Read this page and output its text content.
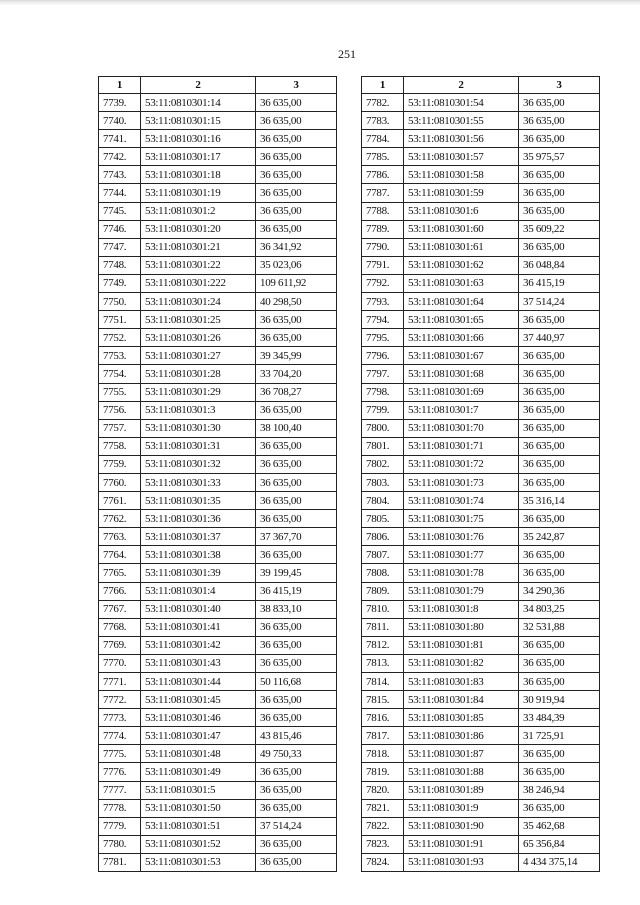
251
1	2	3
7739.	53:11:0810301:14	36 635,00
7740.	53:11:0810301:15	36 635,00
7741.	53:11:0810301:16	36 635,00
7742.	53:11:0810301:17	36 635,00
7743.	53:11:0810301:18	36 635,00
7744.	53:11:0810301:19	36 635,00
7745.	53:11:0810301:2	36 635,00
7746.	53:11:0810301:20	36 635,00
7747.	53:11:0810301:21	36 341,92
7748.	53:11:0810301:22	35 023,06
7749.	53:11:0810301:222	109 611,92
7750.	53:11:0810301:24	40 298,50
7751.	53:11:0810301:25	36 635,00
7752.	53:11:0810301:26	36 635,00
7753.	53:11:0810301:27	39 345,99
7754.	53:11:0810301:28	33 704,20
7755.	53:11:0810301:29	36 708,27
7756.	53:11:0810301:3	36 635,00
7757.	53:11:0810301:30	38 100,40
7758.	53:11:0810301:31	36 635,00
7759.	53:11:0810301:32	36 635,00
7760.	53:11:0810301:33	36 635,00
7761.	53:11:0810301:35	36 635,00
7762.	53:11:0810301:36	36 635,00
7763.	53:11:0810301:37	37 367,70
7764.	53:11:0810301:38	36 635,00
7765.	53:11:0810301:39	39 199,45
7766.	53:11:0810301:4	36 415,19
7767.	53:11:0810301:40	38 833,10
7768.	53:11:0810301:41	36 635,00
7769.	53:11:0810301:42	36 635,00
7770.	53:11:0810301:43	36 635,00
7771.	53:11:0810301:44	50 116,68
7772.	53:11:0810301:45	36 635,00
7773.	53:11:0810301:46	36 635,00
7774.	53:11:0810301:47	43 815,46
7775.	53:11:0810301:48	49 750,33
7776.	53:11:0810301:49	36 635,00
7777.	53:11:0810301:5	36 635,00
7778.	53:11:0810301:50	36 635,00
7779.	53:11:0810301:51	37 514,24
7780.	53:11:0810301:52	36 635,00
7781.	53:11:0810301:53	36 635,00
1	2	3
7782.	53:11:0810301:54	36 635,00
7783.	53:11:0810301:55	36 635,00
7784.	53:11:0810301:56	36 635,00
7785.	53:11:0810301:57	35 975,57
7786.	53:11:0810301:58	36 635,00
7787.	53:11:0810301:59	36 635,00
7788.	53:11:0810301:6	36 635,00
7789.	53:11:0810301:60	35 609,22
7790.	53:11:0810301:61	36 635,00
7791.	53:11:0810301:62	36 048,84
7792.	53:11:0810301:63	36 415,19
7793.	53:11:0810301:64	37 514,24
7794.	53:11:0810301:65	36 635,00
7795.	53:11:0810301:66	37 440,97
7796.	53:11:0810301:67	36 635,00
7797.	53:11:0810301:68	36 635,00
7798.	53:11:0810301:69	36 635,00
7799.	53:11:0810301:7	36 635,00
7800.	53:11:0810301:70	36 635,00
7801.	53:11:0810301:71	36 635,00
7802.	53:11:0810301:72	36 635,00
7803.	53:11:0810301:73	36 635,00
7804.	53:11:0810301:74	35 316,14
7805.	53:11:0810301:75	36 635,00
7806.	53:11:0810301:76	35 242,87
7807.	53:11:0810301:77	36 635,00
7808.	53:11:0810301:78	36 635,00
7809.	53:11:0810301:79	34 290,36
7810.	53:11:0810301:8	34 803,25
7811.	53:11:0810301:80	32 531,88
7812.	53:11:0810301:81	36 635,00
7813.	53:11:0810301:82	36 635,00
7814.	53:11:0810301:83	36 635,00
7815.	53:11:0810301:84	30 919,94
7816.	53:11:0810301:85	33 484,39
7817.	53:11:0810301:86	31 725,91
7818.	53:11:0810301:87	36 635,00
7819.	53:11:0810301:88	36 635,00
7820.	53:11:0810301:89	38 246,94
7821.	53:11:0810301:9	36 635,00
7822.	53:11:0810301:90	35 462,68
7823.	53:11:0810301:91	65 356,84
7824.	53:11:0810301:93	4 434 375,14
